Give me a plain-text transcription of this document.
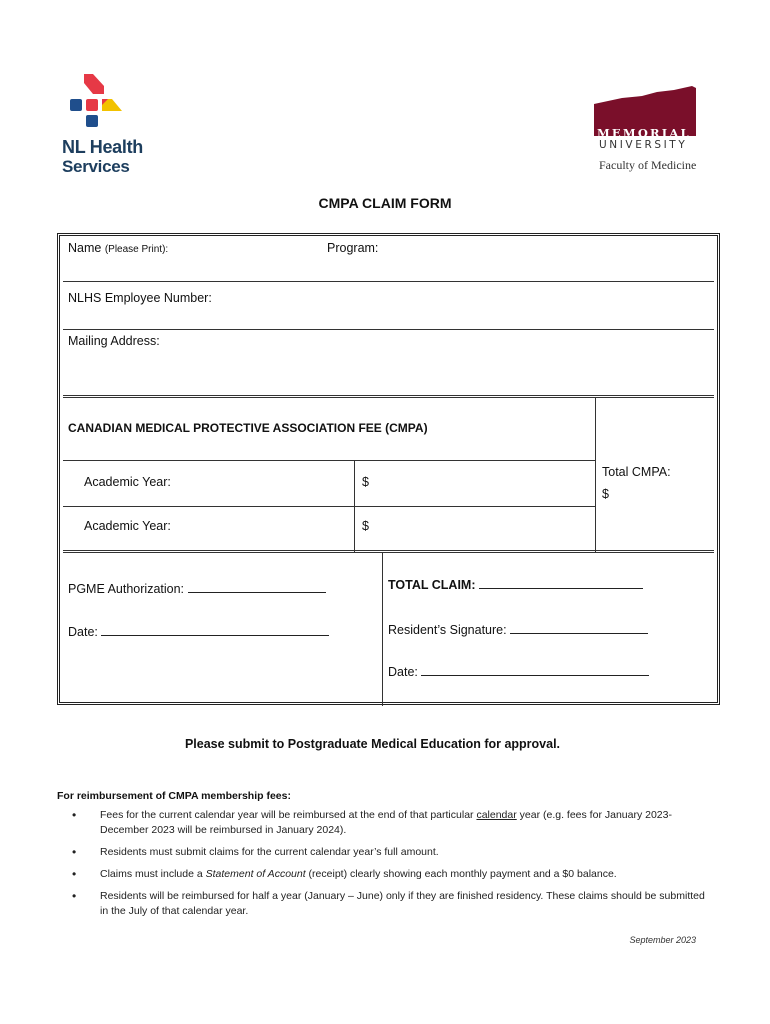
NL Health
Services
MEMORIAL
UNIVERSITY
Faculty of Medicine
CMPA CLAIM FORM
Name (Please Print):	Program:
NLHS Employee Number:
Mailing Address:
CANADIAN MEDICAL PROTECTIVE ASSOCIATION FEE (CMPA)
Academic Year:	$
Academic Year:	$
Total CMPA:
$
PGME Authorization:
Date:
TOTAL CLAIM:
Resident’s Signature:
Date:
Please submit to Postgraduate Medical Education for approval.
For reimbursement of CMPA membership fees:
• Fees for the current calendar year will be reimbursed at the end of that particular calendar year (e.g. fees for January 2023-December 2023 will be reimbursed in January 2024).
• Residents must submit claims for the current calendar year’s full amount.
• Claims must include a Statement of Account (receipt) clearly showing each monthly payment and a $0 balance.
• Residents will be reimbursed for half a year (January – June) only if they are finished residency. These claims should be submitted in the July of that calendar year.
September 2023
